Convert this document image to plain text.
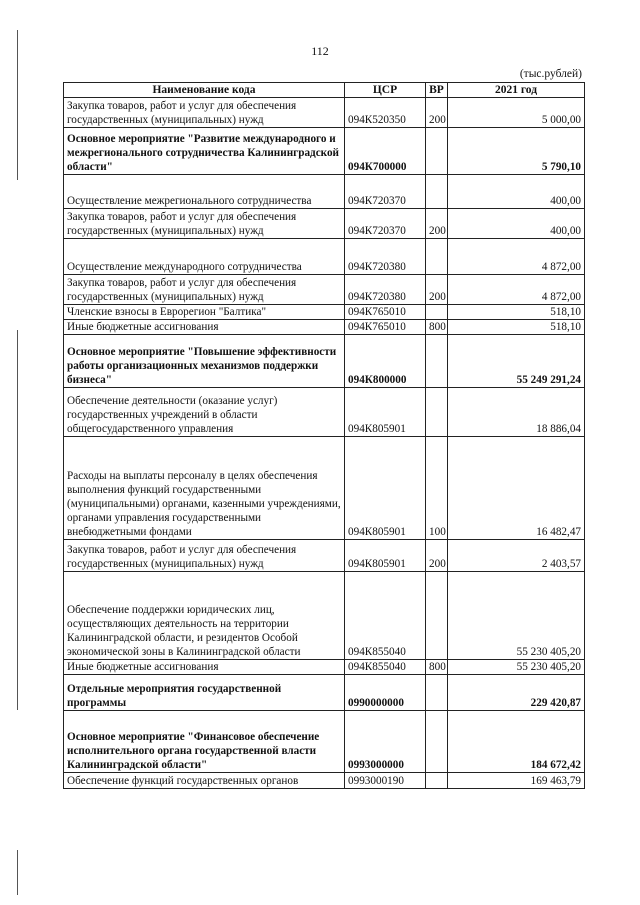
112
(тыс.рублей)
Наименование кода	ЦСР	ВР	2021 год
Закупка товаров, работ и услуг для обеспечения государственных (муниципальных) нужд	094К520350	200	5 000,00
Основное мероприятие "Развитие международного и межрегионального сотрудничества Калининградской области"	094К700000		5 790,10
Осуществление межрегионального сотрудничества	094К720370		400,00
Закупка товаров, работ и услуг для обеспечения государственных (муниципальных) нужд	094К720370	200	400,00
Осуществление международного сотрудничества	094К720380		4 872,00
Закупка товаров, работ и услуг для обеспечения государственных (муниципальных) нужд	094К720380	200	4 872,00
Членские взносы в Еврорегион "Балтика"	094К765010		518,10
Иные бюджетные ассигнования	094К765010	800	518,10
Основное мероприятие "Повышение эффективности работы организационных механизмов поддержки бизнеса"	094К800000		55 249 291,24
Обеспечение деятельности (оказание услуг) государственных учреждений в области общегосударственного управления	094К805901		18 886,04
Расходы на выплаты персоналу в целях обеспечения выполнения функций государственными (муниципальными) органами, казенными учреждениями, органами управления государственными внебюджетными фондами	094К805901	100	16 482,47
Закупка товаров, работ и услуг для обеспечения государственных (муниципальных) нужд	094К805901	200	2 403,57
Обеспечение поддержки юридических лиц, осуществляющих деятельность на территории Калининградской области, и резидентов Особой экономической зоны в Калининградской области	094К855040		55 230 405,20
Иные бюджетные ассигнования	094К855040	800	55 230 405,20
Отдельные мероприятия государственной программы	0990000000		229 420,87
Основное мероприятие "Финансовое обеспечение исполнительного органа государственной власти Калининградской области"	0993000000		184 672,42
Обеспечение функций государственных органов	0993000190		169 463,79
